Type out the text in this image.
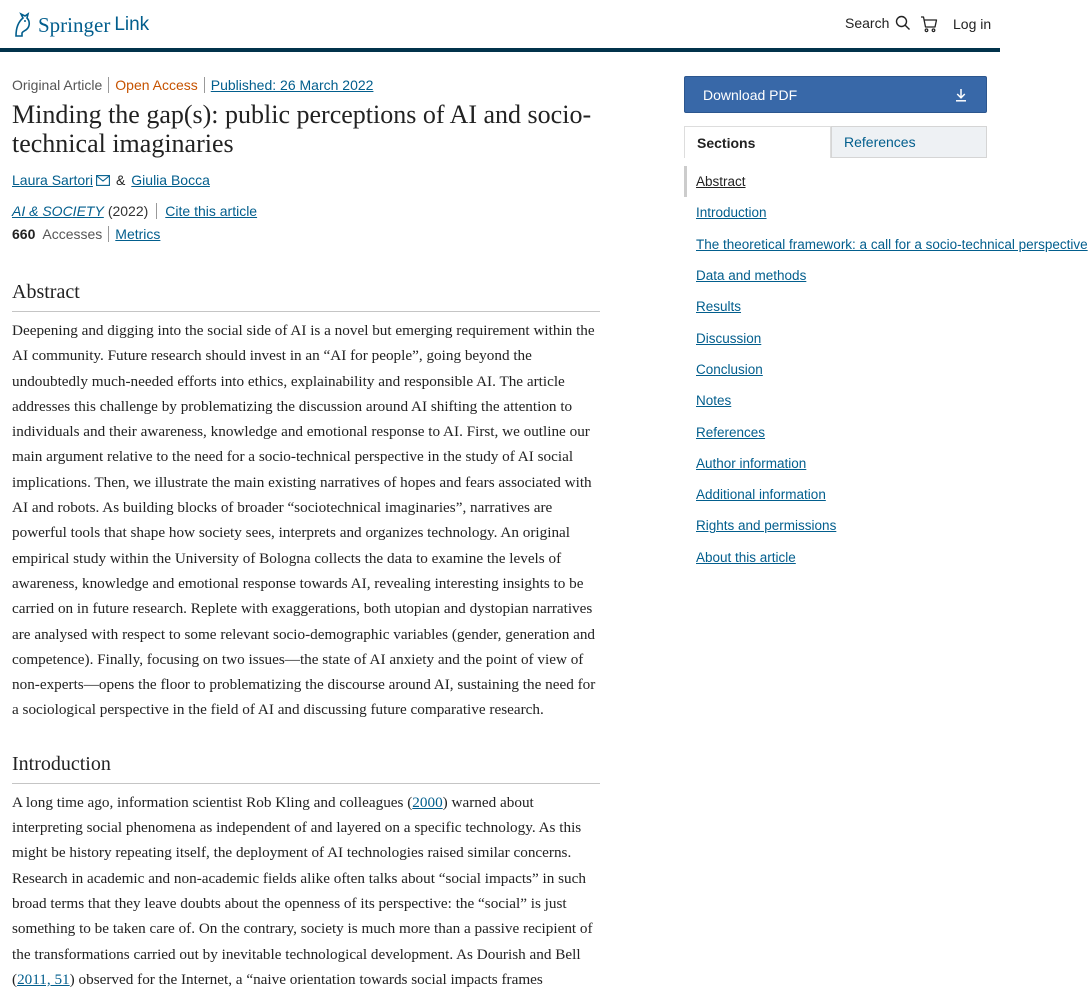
Springer Link	Search	Log in
Original Article Open Access Published: 26 March 2022
Minding the gap(s): public perceptions of AI and socio-technical imaginaries
Laura Sartori & Giulia Bocca
AI & SOCIETY (2022) Cite this article
660 Accesses Metrics
Abstract

Deepening and digging into the social side of AI is a novel but emerging requirement within the AI community. Future research should invest in an “AI for people”, going beyond the undoubtedly much-needed efforts into ethics, explainability and responsible AI. The article addresses this challenge by problematizing the discussion around AI shifting the attention to individuals and their awareness, knowledge and emotional response to AI. First, we outline our main argument relative to the need for a socio-technical perspective in the study of AI social implications. Then, we illustrate the main existing narratives of hopes and fears associated with AI and robots. As building blocks of broader “sociotechnical imaginaries”, narratives are powerful tools that shape how society sees, interprets and organizes technology. An original empirical study within the University of Bologna collects the data to examine the levels of awareness, knowledge and emotional response towards AI, revealing interesting insights to be carried on in future research. Replete with exaggerations, both utopian and dystopian narratives are analysed with respect to some relevant socio-demographic variables (gender, generation and competence). Finally, focusing on two issues—the state of AI anxiety and the point of view of non-experts—opens the floor to problematizing the discourse around AI, sustaining the need for a sociological perspective in the field of AI and discussing future comparative research.

Introduction

A long time ago, information scientist Rob Kling and colleagues (2000) warned about interpreting social phenomena as independent of and layered on a specific technology. As this might be history repeating itself, the deployment of AI technologies raised similar concerns. Research in academic and non-academic fields alike often talks about “social impacts” in such broad terms that they leave doubts about the openness of its perspective: the “social” is just something to be taken care of. On the contrary, society is much more than a passive recipient of the transformations carried out by inevitable technological development. As Dourish and Bell (2011, 51) observed for the Internet, a “naive orientation towards social impacts frames

Download PDF
Sections	References
Abstract
Introduction
The theoretical framework: a call for a socio-technical perspective
Data and methods
Results
Discussion
Conclusion
Notes
References
Author information
Additional information
Rights and permissions
About this article
